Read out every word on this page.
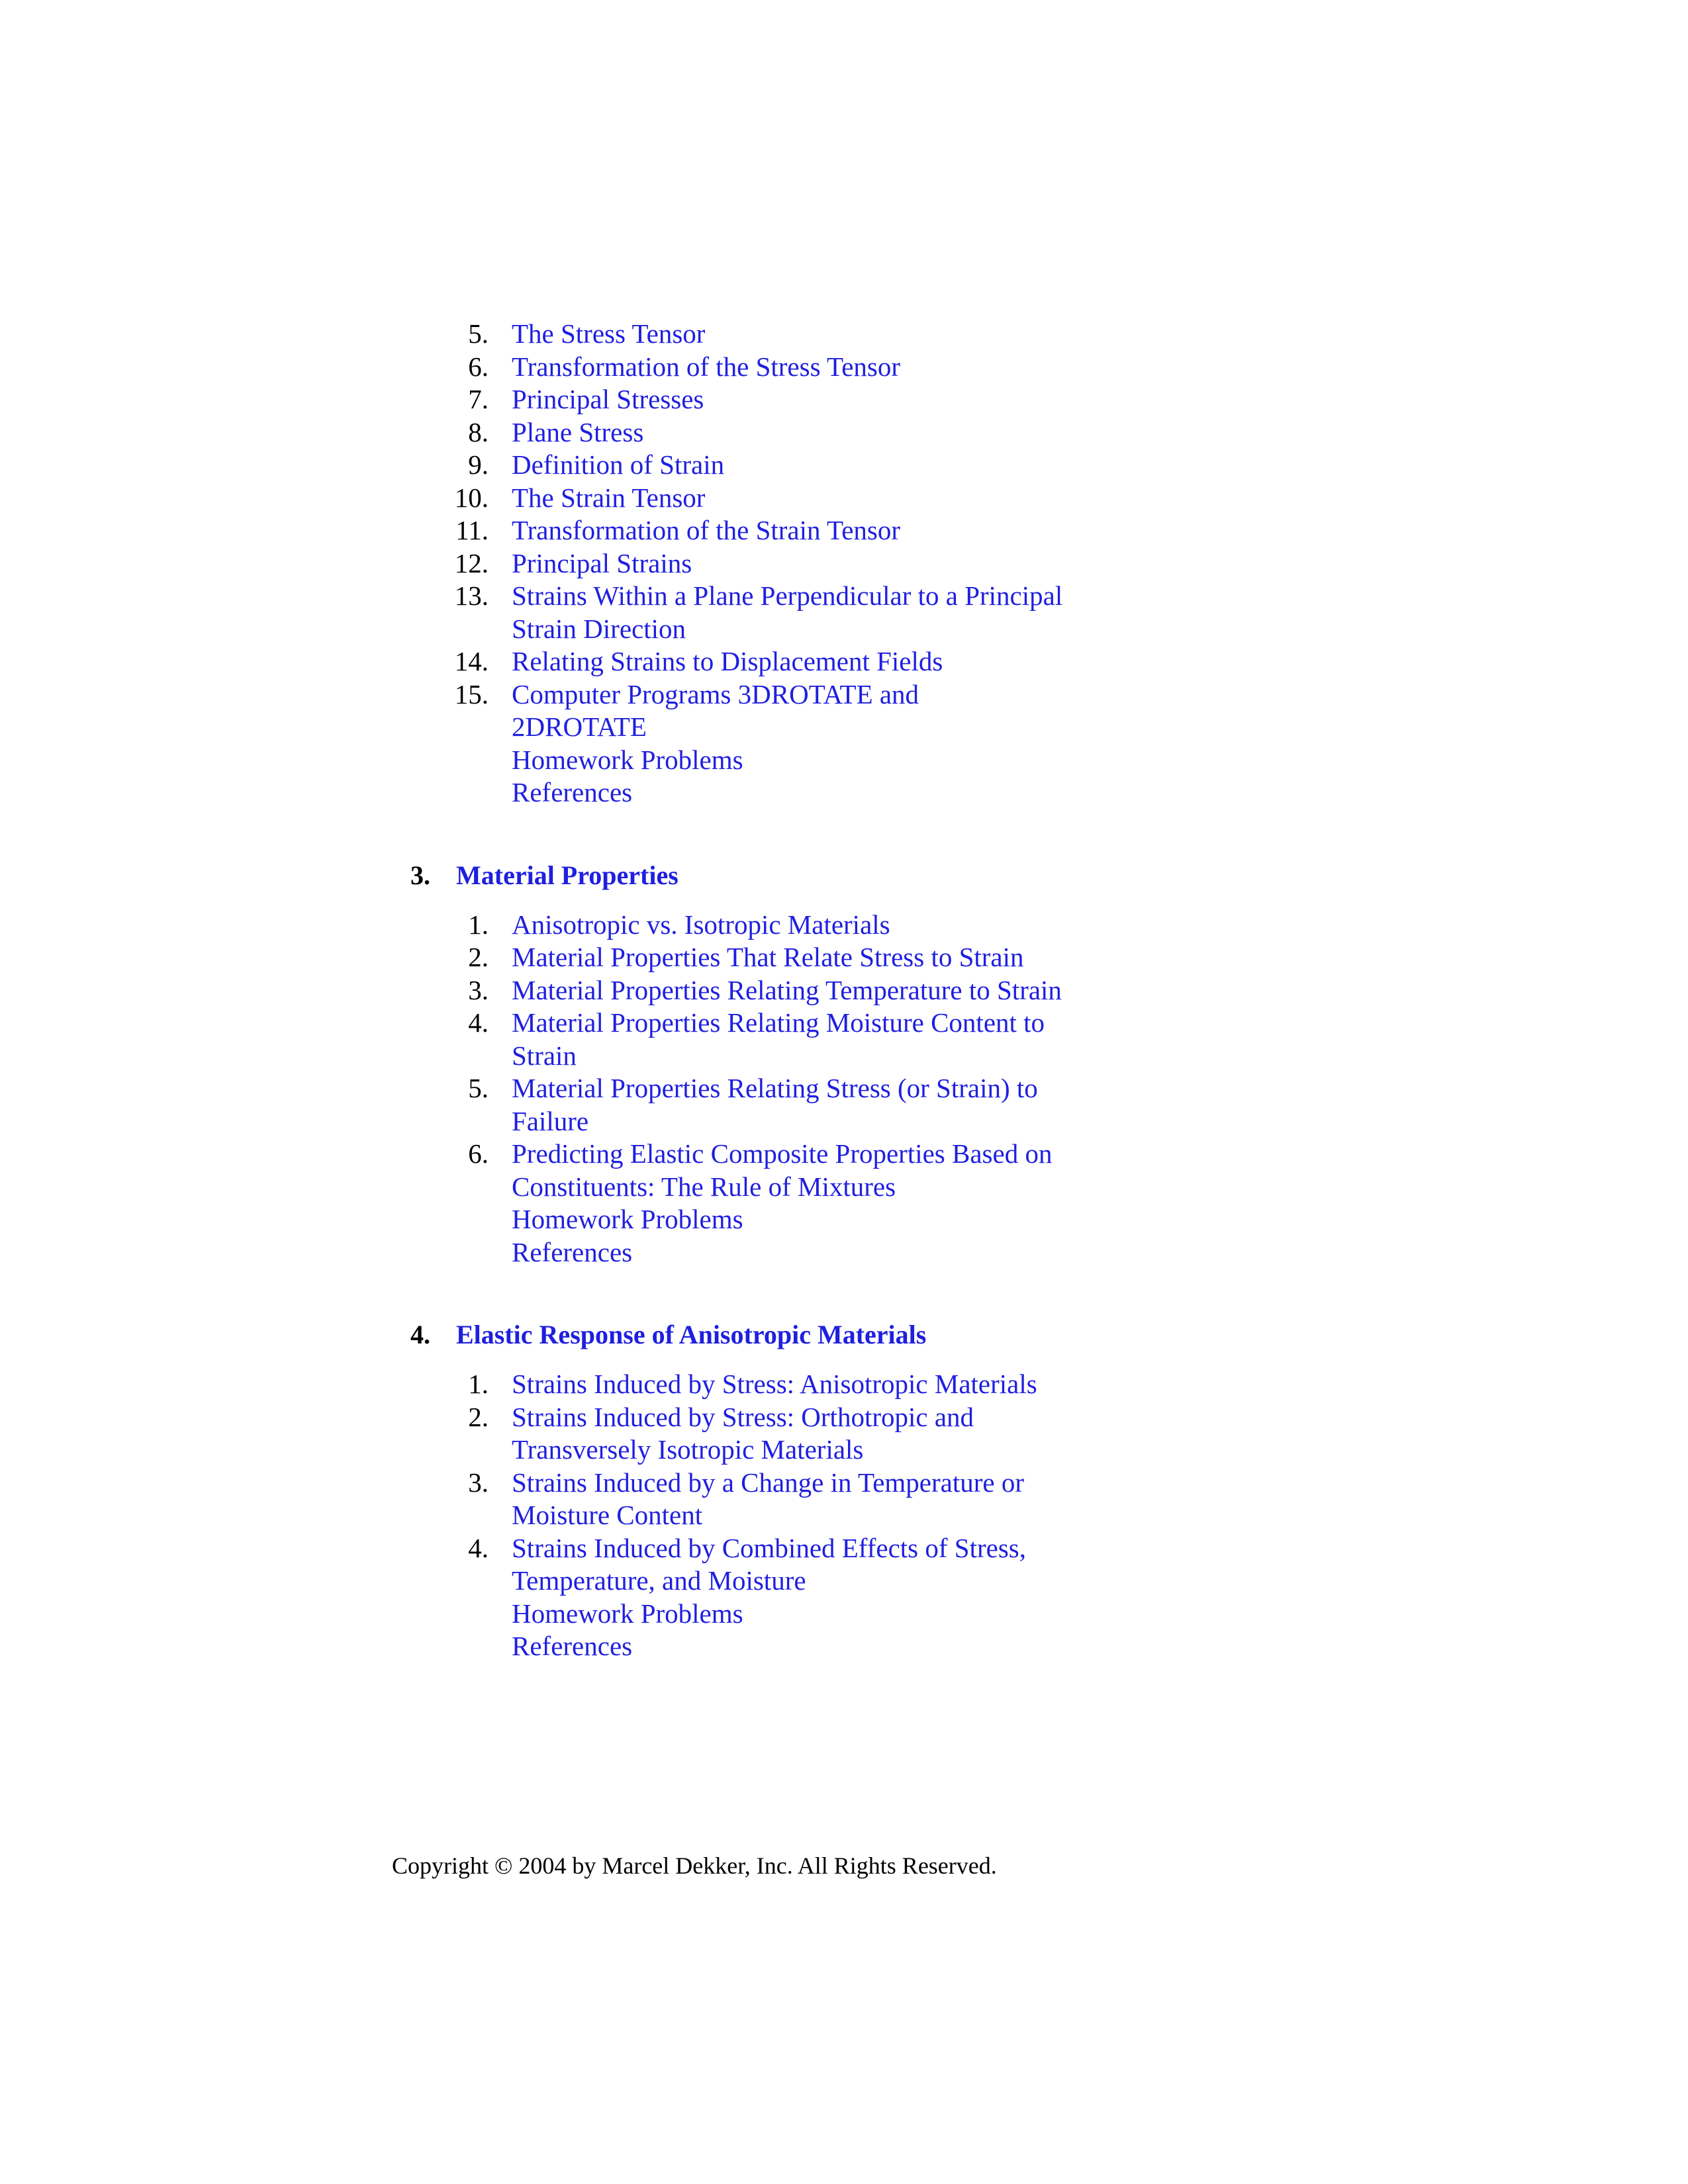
5. The Stress Tensor
6. Transformation of the Stress Tensor
7. Principal Stresses
8. Plane Stress
9. Definition of Strain
10. The Strain Tensor
11. Transformation of the Strain Tensor
12. Principal Strains
13. Strains Within a Plane Perpendicular to a Principal Strain Direction
14. Relating Strains to Displacement Fields
15. Computer Programs 3DROTATE and 2DROTATE
Homework Problems
References
3. Material Properties
1. Anisotropic vs. Isotropic Materials
2. Material Properties That Relate Stress to Strain
3. Material Properties Relating Temperature to Strain
4. Material Properties Relating Moisture Content to Strain
5. Material Properties Relating Stress (or Strain) to Failure
6. Predicting Elastic Composite Properties Based on Constituents: The Rule of Mixtures
Homework Problems
References
4. Elastic Response of Anisotropic Materials
1. Strains Induced by Stress: Anisotropic Materials
2. Strains Induced by Stress: Orthotropic and Transversely Isotropic Materials
3. Strains Induced by a Change in Temperature or Moisture Content
4. Strains Induced by Combined Effects of Stress, Temperature, and Moisture
Homework Problems
References
Copyright © 2004 by Marcel Dekker, Inc. All Rights Reserved.
